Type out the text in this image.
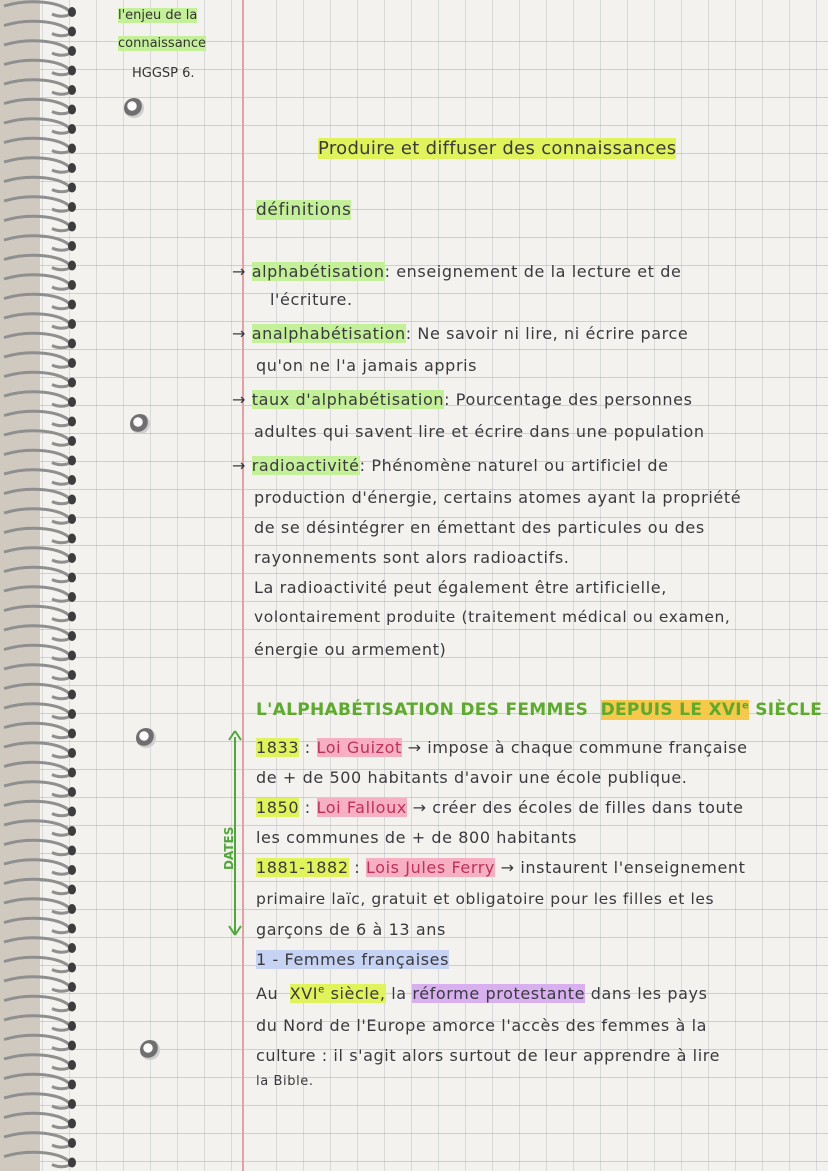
l'enjeu de la
connaissance
HGGSP 6.
Produire et diffuser des connaissances
définitions
→ alphabétisation: enseignement de la lecture et de
l'écriture.
→ analphabétisation: Ne savoir ni lire, ni écrire parce
qu'on ne l'a jamais appris
→ taux d'alphabétisation: Pourcentage des personnes
adultes qui savent lire et écrire dans une population
→ radioactivité: Phénomène naturel ou artificiel de
production d'énergie, certains atomes ayant la propriété
de se désintégrer en émettant des particules ou des
rayonnements sont alors radioactifs.
La radioactivité peut également être artificielle,
volontairement produite (traitement médical ou examen,
énergie ou armement)
L'ALPHABÉTISATION DES FEMMES DEPUIS LE XVIe SIÈCLE
DATES
1833 : Loi Guizot → impose à chaque commune française
de + de 500 habitants d'avoir une école publique.
1850 : Loi Falloux → créer des écoles de filles dans toute
les communes de + de 800 habitants
1881-1882 : Lois Jules Ferry → instaurent l'enseignement
primaire laïc, gratuit et obligatoire pour les filles et les
garçons de 6 à 13 ans
1 - Femmes françaises
Au XVIe siècle, la réforme protestante dans les pays
du Nord de l'Europe amorce l'accès des femmes à la
culture : il s'agit alors surtout de leur apprendre à lire
la Bible.
